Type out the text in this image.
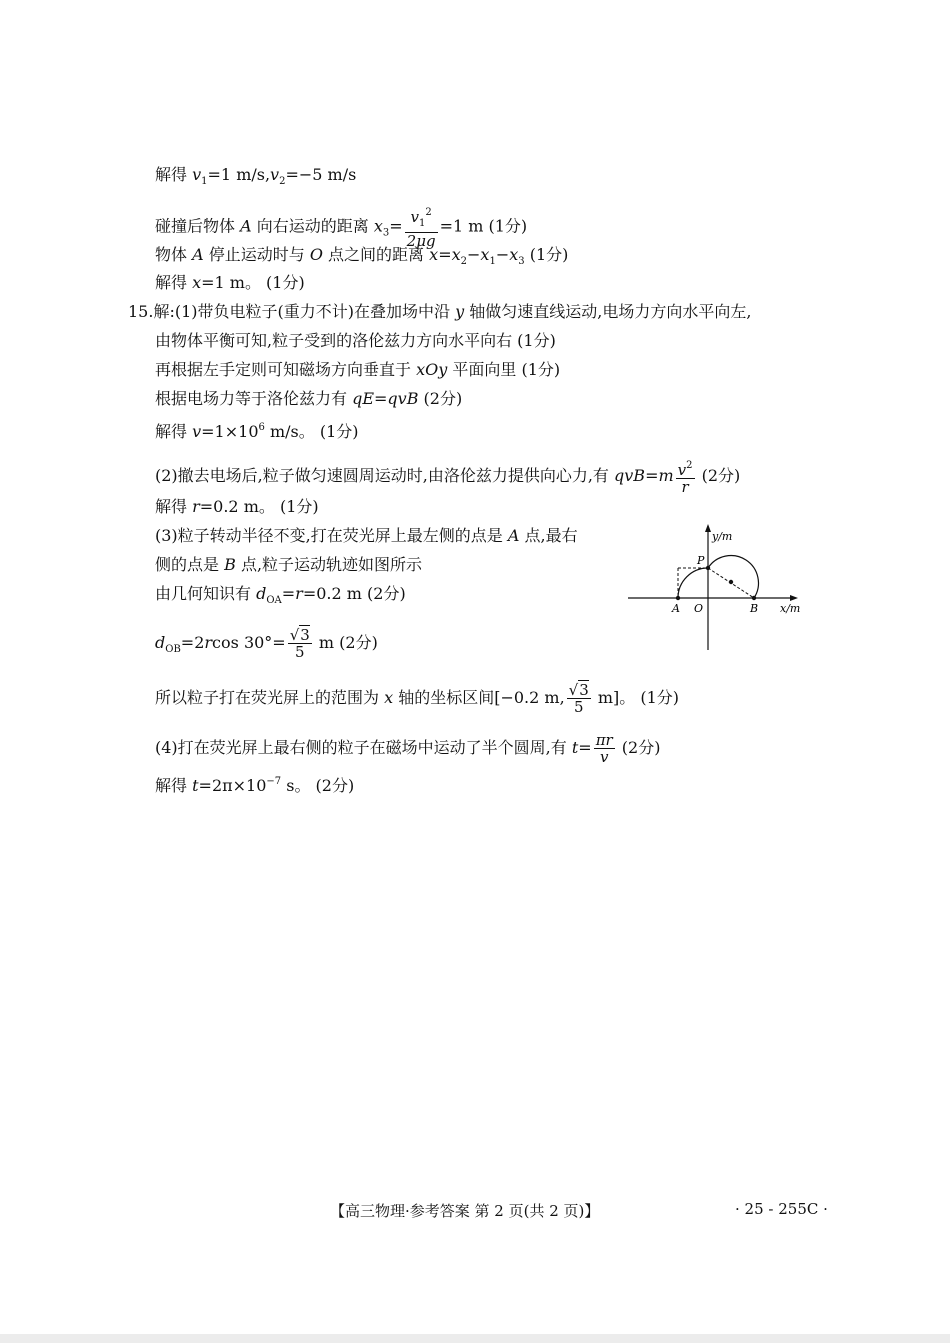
解得 $v_1=1$ $m/s,v_2=-5$ m/s
碰撞后物体 A 向右运动的距离 $x_3= \frac{v_1^2}{2\mu g} =1$ m (1分)
物体 A 停止运动时与 O 点之间的距离 $x=x_2-x_1-x_3$ (1分)
解得 x=1 m。 (1分)
15.解:(1)带负电粒子(重力不计)在叠加场中沿 y 轴做匀速直线运动,电场力方向水平向左,
由物体平衡可知,粒子受到的洛伦兹力方向水平向右 (1分)
再根据左手定则可知磁场方向垂直于 xOy 平面向里 (1分)
根据电场力等于洛伦兹力有 qE=qvB (2分)
解得 $v=1\times 10^6$ m/s。 (1分)
(2)撤去电场后,粒子做匀速圆周运动时,由洛伦兹力提供向心力,有 $qvB=m \frac{v^2}{r} (2$分)
解得 r=0.2 m。 (1分)
(3)粒子转动半径不变,打在荧光屏上最左侧的点是 A 点,最右
侧的点是 B 点,粒子运动轨迹如图所示
由几何知识有 $d_{OA}=r=0.2$ m (2分)
$d_{OB}=2rcos$ $30^\circ= \frac{√3}{5}$ m (2分)
所以粒子打在荧光屏上的范围为 x 轴的坐标区间[−0.2 m, $\frac{√3}{5} m$]。 (1分)
(4)打在荧光屏上最右侧的粒子在磁场中运动了半个圆周,有 $t= \frac{\pi r}{v} (2$分)
解得 $t=2\pi\times 10^{-7}$ s。 (2分)
y/m
x/m
P
A O	B
【高三物理·参考答案 第 2 页(共 2 页)】	· 25 - 255C ·
